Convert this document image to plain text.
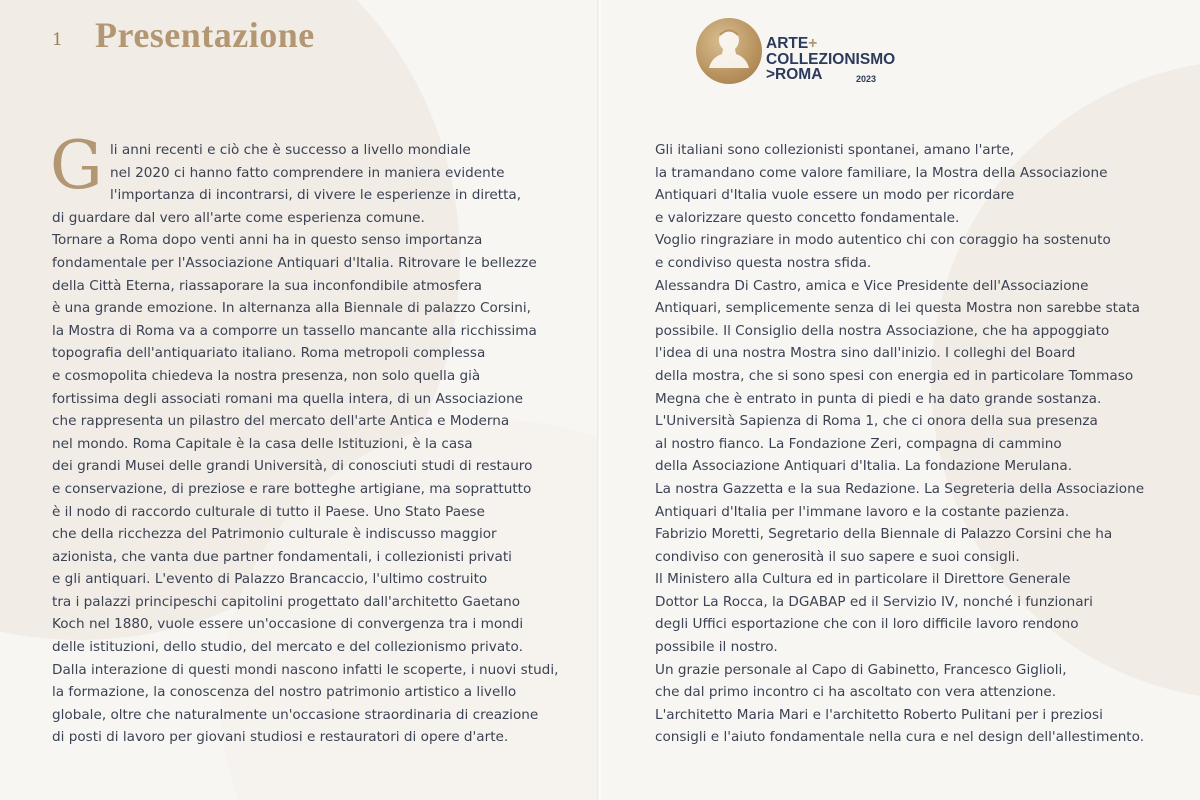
1 Presentazione
G li anni recenti e ciò che è successo a livello mondiale

nel 2020 ci hanno fatto comprendere in maniera evidente

l'importanza di incontrarsi, di vivere le esperienze in diretta,

di guardare dal vero all'arte come esperienza comune.

Tornare a Roma dopo venti anni ha in questo senso importanza

fondamentale per l'Associazione Antiquari d'Italia. Ritrovare le bellezze

della Città Eterna, riassaporare la sua inconfondibile atmosfera

è una grande emozione. In alternanza alla Biennale di palazzo Corsini,

la Mostra di Roma va a comporre un tassello mancante alla ricchissima

topografia dell'antiquariato italiano. Roma metropoli complessa

e cosmopolita chiedeva la nostra presenza, non solo quella già

fortissima degli associati romani ma quella intera, di un Associazione

che rappresenta un pilastro del mercato dell'arte Antica e Moderna

nel mondo. Roma Capitale è la casa delle Istituzioni, è la casa

dei grandi Musei delle grandi Università, di conosciuti studi di restauro

e conservazione, di preziose e rare botteghe artigiane, ma soprattutto

è il nodo di raccordo culturale di tutto il Paese. Uno Stato Paese

che della ricchezza del Patrimonio culturale è indiscusso maggior

azionista, che vanta due partner fondamentali, i collezionisti privati

e gli antiquari. L'evento di Palazzo Brancaccio, l'ultimo costruito

tra i palazzi principeschi capitolini progettato dall'architetto Gaetano

Koch nel 1880, vuole essere un'occasione di convergenza tra i mondi

delle istituzioni, dello studio, del mercato e del collezionismo privato.

Dalla interazione di questi mondi nascono infatti le scoperte, i nuovi studi,

la formazione, la conoscenza del nostro patrimonio artistico a livello

globale, oltre che naturalmente un'occasione straordinaria di creazione

di posti di lavoro per giovani studiosi e restauratori di opere d'arte.

ARTE+
COLLEZIONISMO
>ROMA	2023

Gli italiani sono collezionisti spontanei, amano l'arte,

la tramandano come valore familiare, la Mostra della Associazione

Antiquari d'Italia vuole essere un modo per ricordare

e valorizzare questo concetto fondamentale.

Voglio ringraziare in modo autentico chi con coraggio ha sostenuto

e condiviso questa nostra sfida.

Alessandra Di Castro, amica e Vice Presidente dell'Associazione

Antiquari, semplicemente senza di lei questa Mostra non sarebbe stata

possibile. Il Consiglio della nostra Associazione, che ha appoggiato

l'idea di una nostra Mostra sino dall'inizio. I colleghi del Board

della mostra, che si sono spesi con energia ed in particolare Tommaso

Megna che è entrato in punta di piedi e ha dato grande sostanza.

L'Università Sapienza di Roma 1, che ci onora della sua presenza

al nostro fianco. La Fondazione Zeri, compagna di cammino

della Associazione Antiquari d'Italia. La fondazione Merulana.

La nostra Gazzetta e la sua Redazione. La Segreteria della Associazione

Antiquari d'Italia per l'immane lavoro e la costante pazienza.

Fabrizio Moretti, Segretario della Biennale di Palazzo Corsini che ha

condiviso con generosità il suo sapere e suoi consigli.

Il Ministero alla Cultura ed in particolare il Direttore Generale

Dottor La Rocca, la DGABAP ed il Servizio IV, nonché i funzionari

degli Uffici esportazione che con il loro difficile lavoro rendono

possibile il nostro.

Un grazie personale al Capo di Gabinetto, Francesco Giglioli,

che dal primo incontro ci ha ascoltato con vera attenzione.

L'architetto Maria Mari e l'architetto Roberto Pulitani per i preziosi

consigli e l'aiuto fondamentale nella cura e nel design dell'allestimento.
